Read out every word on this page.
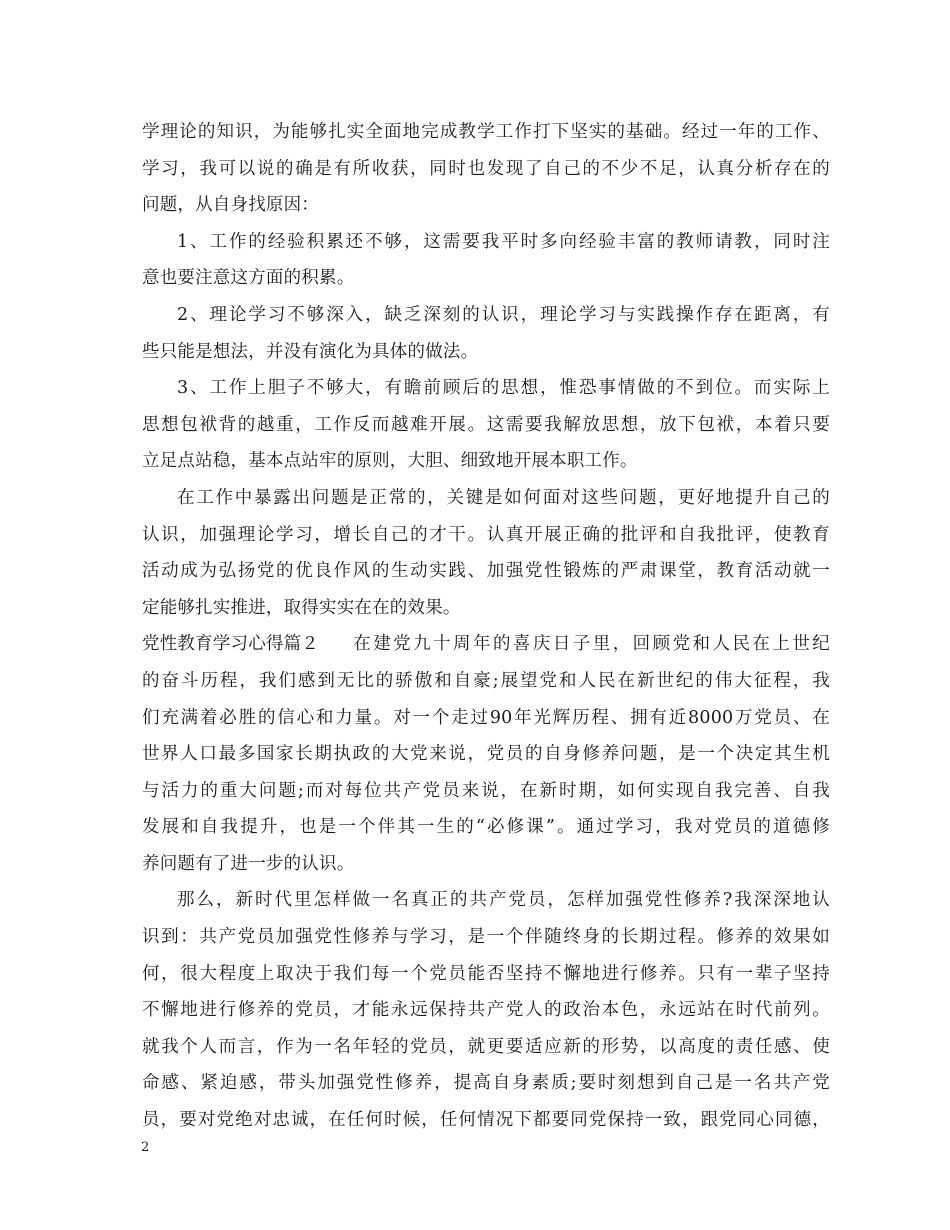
学理论的知识，为能够扎实全面地完成教学工作打下坚实的基础。经过一年的工作、
学习，我可以说的确是有所收获，同时也发现了自己的不少不足，认真分析存在的
问题，从自身找原因：
1、工作的经验积累还不够，这需要我平时多向经验丰富的教师请教，同时注
意也要注意这方面的积累。
2、理论学习不够深入，缺乏深刻的认识，理论学习与实践操作存在距离，有
些只能是想法，并没有演化为具体的做法。
3、工作上胆子不够大，有瞻前顾后的思想，惟恐事情做的不到位。而实际上
思想包袱背的越重，工作反而越难开展。这需要我解放思想，放下包袱，本着只要
立足点站稳，基本点站牢的原则，大胆、细致地开展本职工作。
在工作中暴露出问题是正常的，关键是如何面对这些问题，更好地提升自己的
认识，加强理论学习，增长自己的才干。认真开展正确的批评和自我批评，使教育
活动成为弘扬党的优良作风的生动实践、加强党性锻炼的严肃课堂，教育活动就一
定能够扎实推进，取得实实在在的效果。
党性教育学习心得篇２ 在建党九十周年的喜庆日子里，回顾党和人民在上世纪
的奋斗历程，我们感到无比的骄傲和自豪;展望党和人民在新世纪的伟大征程，我
们充满着必胜的信心和力量。对一个走过90年光辉历程、拥有近8000万党员、在
世界人口最多国家长期执政的大党来说，党员的自身修养问题，是一个决定其生机
与活力的重大问题;而对每位共产党员来说，在新时期，如何实现自我完善、自我
发展和自我提升，也是一个伴其一生的“必修课”。通过学习，我对党员的道德修
养问题有了进一步的认识。
那么，新时代里怎样做一名真正的共产党员，怎样加强党性修养?我深深地认
识到：共产党员加强党性修养与学习，是一个伴随终身的长期过程。修养的效果如
何，很大程度上取决于我们每一个党员能否坚持不懈地进行修养。只有一辈子坚持
不懈地进行修养的党员，才能永远保持共产党人的政治本色，永远站在时代前列。
就我个人而言，作为一名年轻的党员，就更要适应新的形势，以高度的责任感、使
命感、紧迫感，带头加强党性修养，提高自身素质;要时刻想到自己是一名共产党
员，要对党绝对忠诚，在任何时候，任何情况下都要同党保持一致，跟党同心同德，
2
